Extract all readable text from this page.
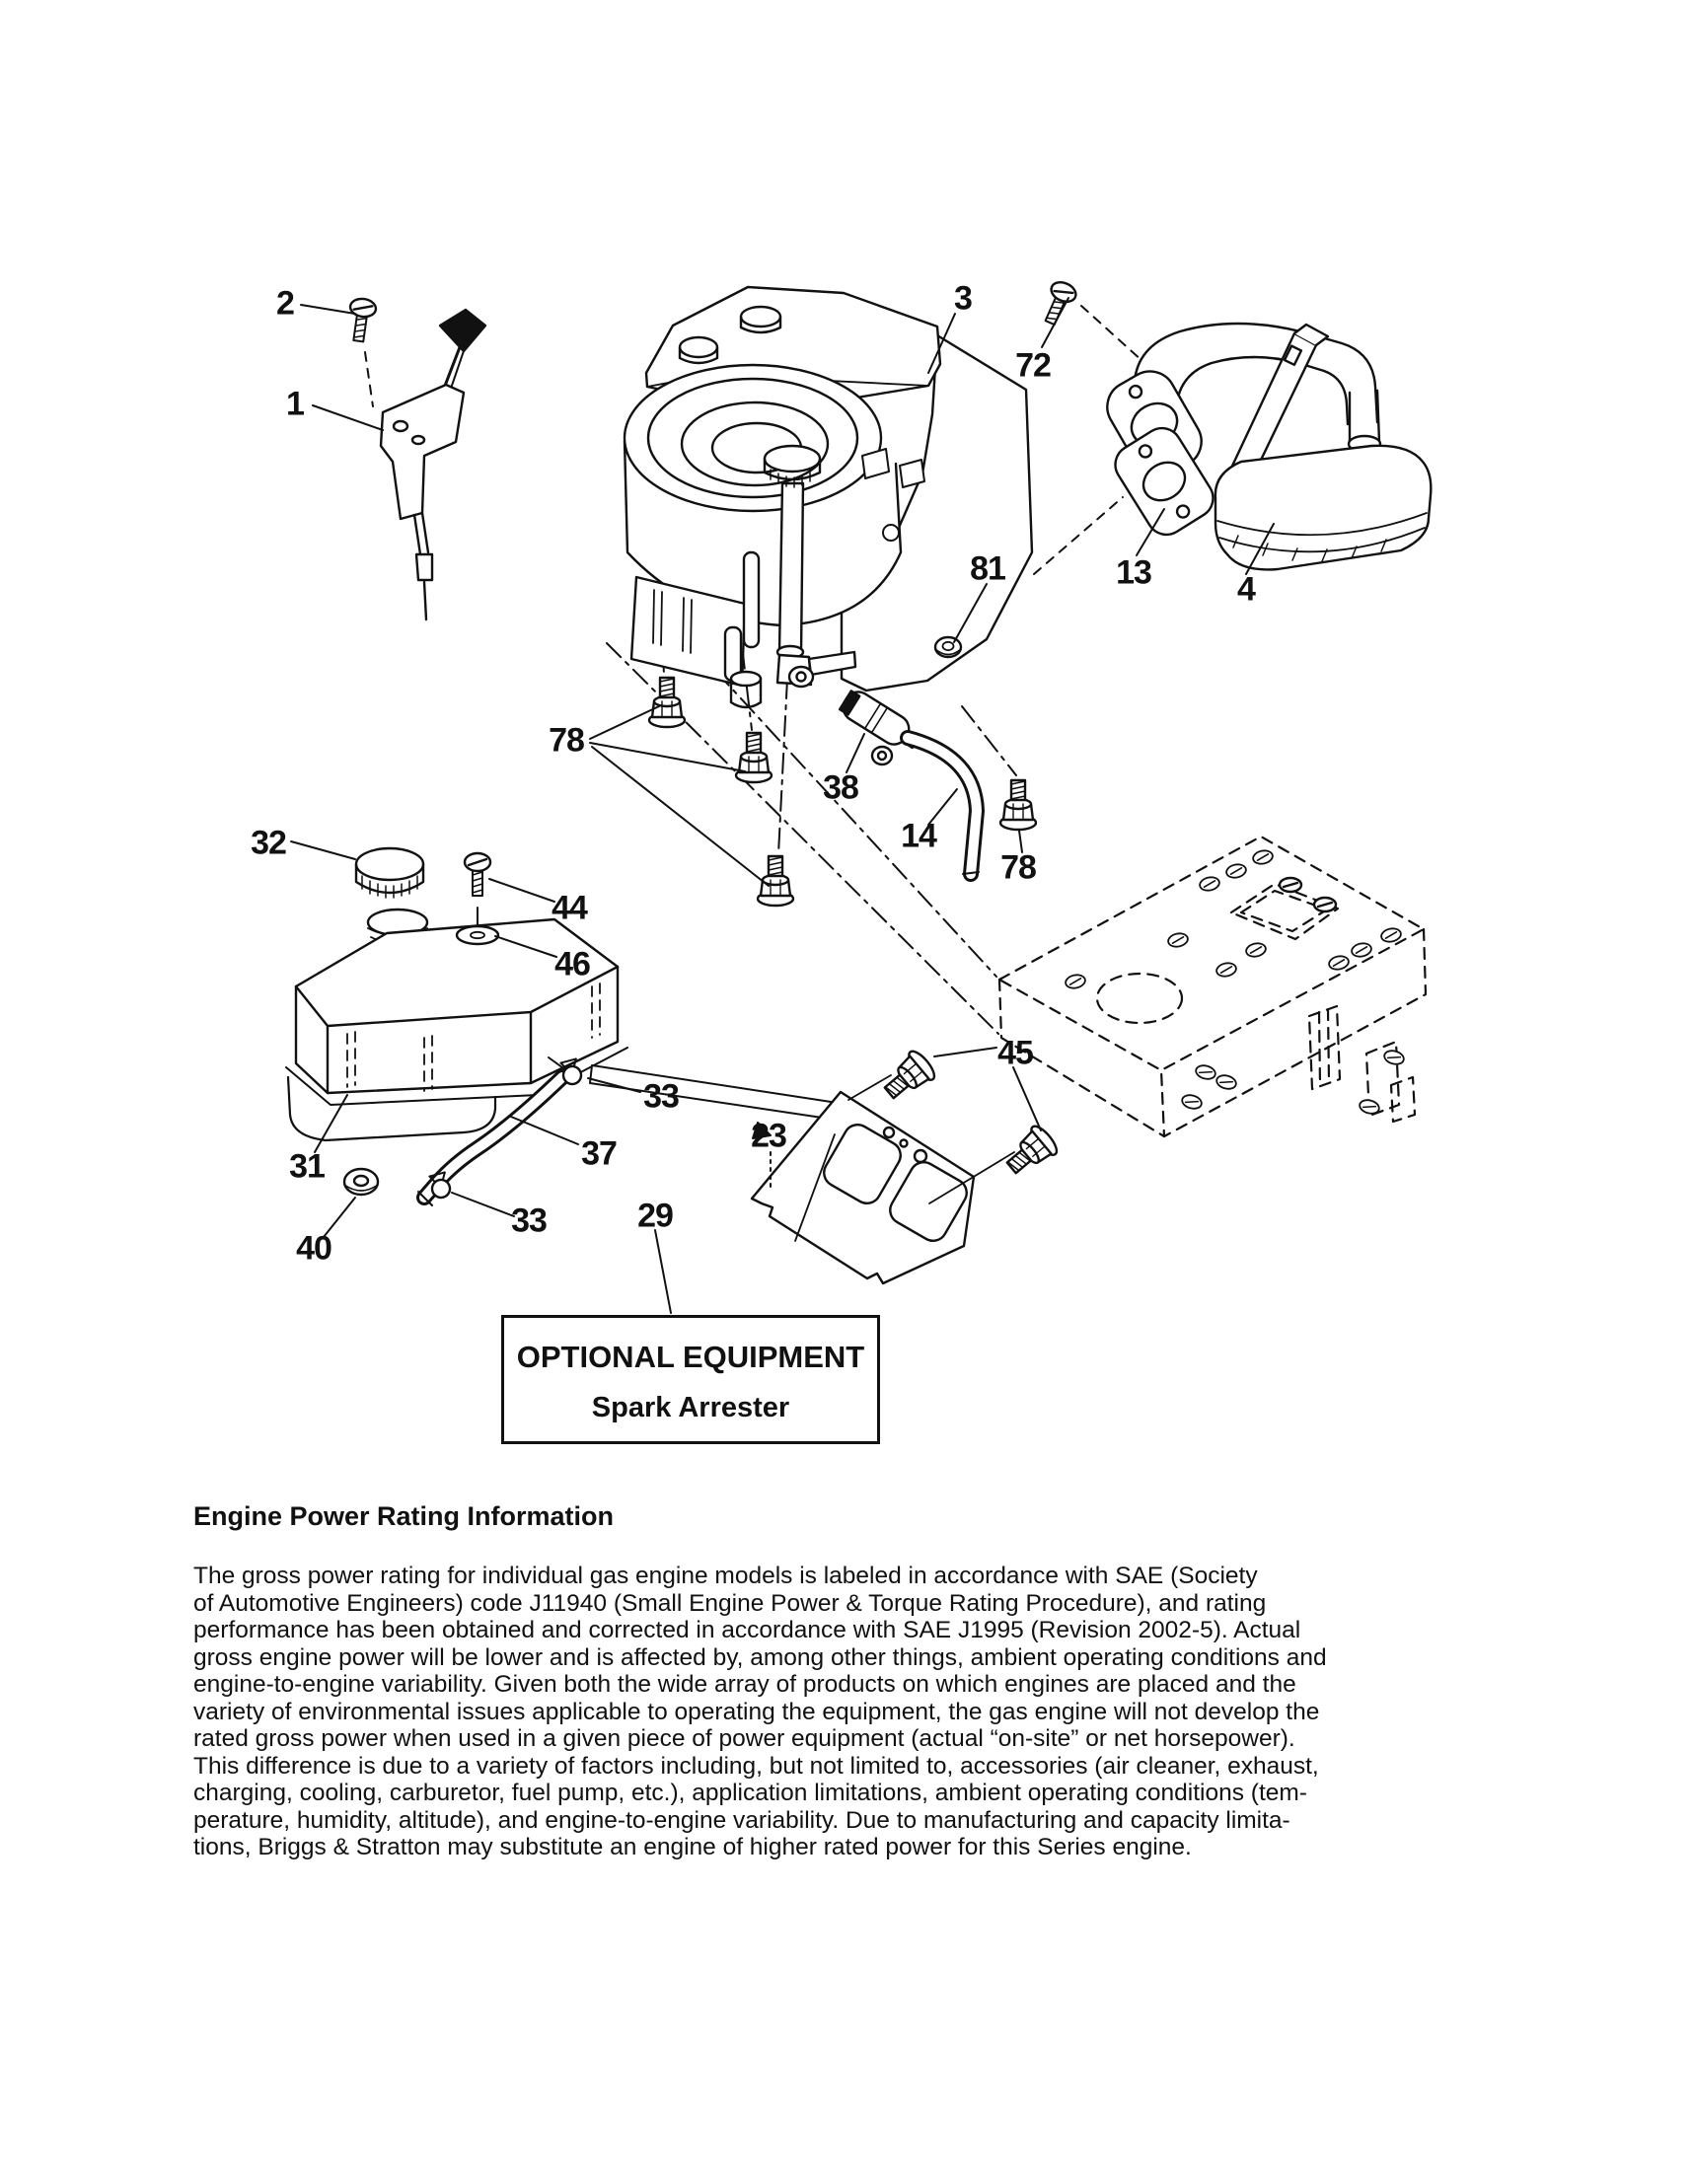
2
1
3
72
13	4
81
78
38
14
78
32
44
46
33
37
31
33
40
29
23
45
OPTIONAL EQUIPMENT
Spark Arrester
Engine Power Rating Information
The gross power rating for individual gas engine models is labeled in accordance with SAE (Society
of Automotive Engineers) code J11940 (Small Engine Power & Torque Rating Procedure), and rating
performance has been obtained and corrected in accordance with SAE J1995 (Revision 2002-5). Actual
gross engine power will be lower and is affected by, among other things, ambient operating conditions and
engine-to-engine variability. Given both the wide array of products on which engines are placed and the
variety of environmental issues applicable to operating the equipment, the gas engine will not develop the
rated gross power when used in a given piece of power equipment (actual “on-site” or net horsepower).
This difference is due to a variety of factors including, but not limited to, accessories (air cleaner, exhaust,
charging, cooling, carburetor, fuel pump, etc.), application limitations, ambient operating conditions (tem-
perature, humidity, altitude), and engine-to-engine variability. Due to manufacturing and capacity limita-
tions, Briggs & Stratton may substitute an engine of higher rated power for this Series engine.
